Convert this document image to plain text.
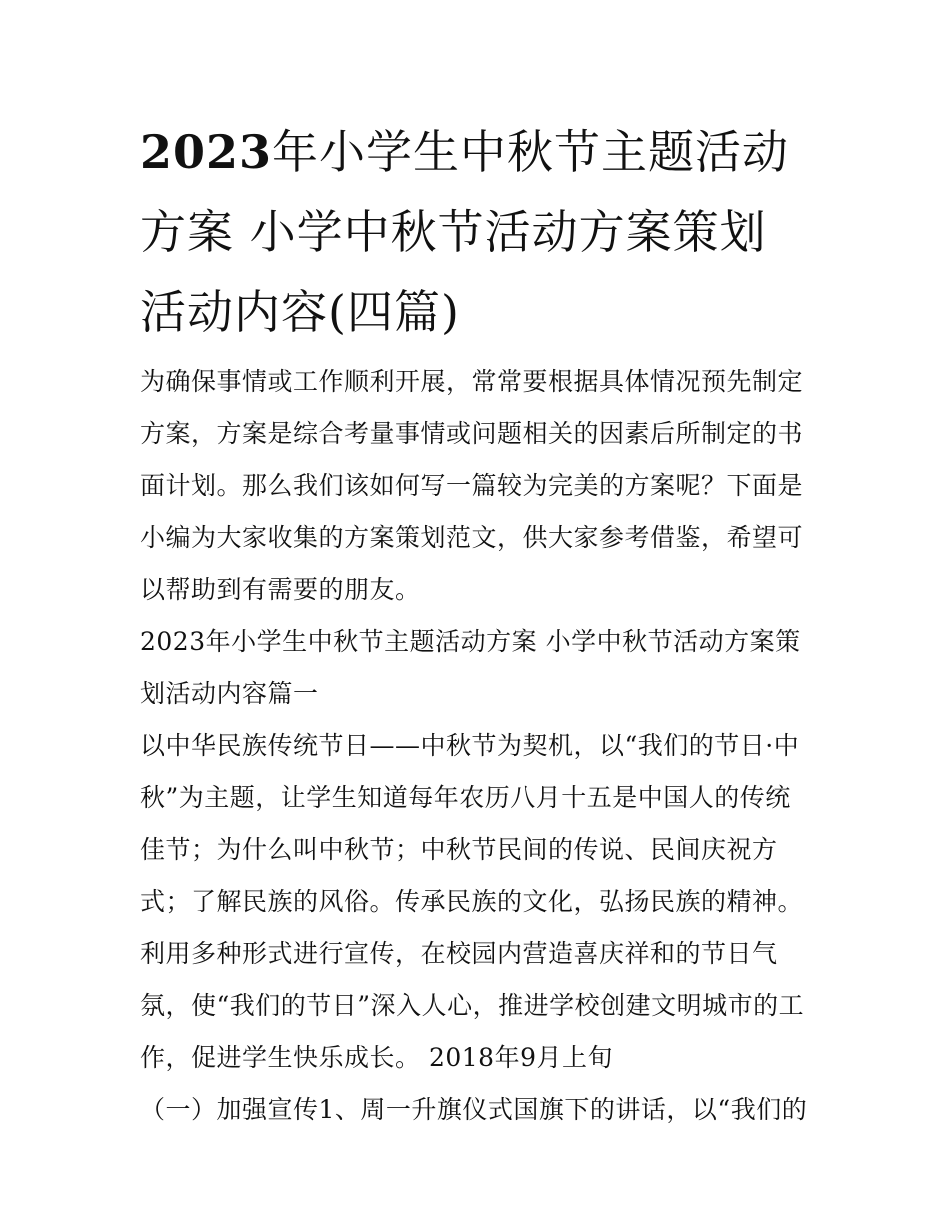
2023年小学生中秋节主题活动方案 小学中秋节活动方案策划活动内容(四篇)

为确保事情或工作顺利开展，常常要根据具体情况预先制定方案，方案是综合考量事情或问题相关的因素后所制定的书面计划。那么我们该如何写一篇较为完美的方案呢？下面是小编为大家收集的方案策划范文，供大家参考借鉴，希望可以帮助到有需要的朋友。

2023年小学生中秋节主题活动方案 小学中秋节活动方案策划活动内容篇一

以中华民族传统节日——中秋节为契机，以“我们的节日·中秋”为主题，让学生知道每年农历八月十五是中国人的传统佳节；为什么叫中秋节；中秋节民间的传说、民间庆祝方式；了解民族的风俗。传承民族的文化，弘扬民族的精神。

利用多种形式进行宣传，在校园内营造喜庆祥和的节日气氛，使“我们的节日”深入人心，推进学校创建文明城市的工作，促进学生快乐成长。 2018年9月上旬

（一）加强宣传1、周一升旗仪式国旗下的讲话，以“我们的
